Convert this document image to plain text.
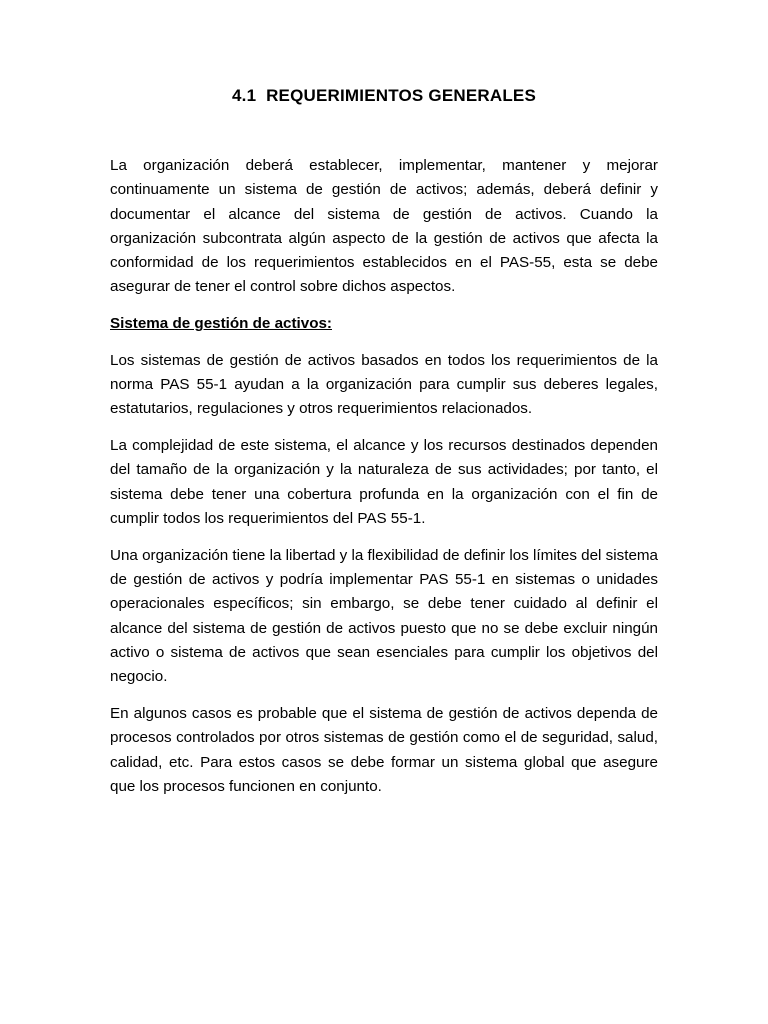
4.1  REQUERIMIENTOS GENERALES

La organización deberá establecer, implementar, mantener y mejorar continuamente un sistema de gestión de activos; además, deberá definir y documentar el alcance del sistema de gestión de activos. Cuando la organización subcontrata algún aspecto de la gestión de activos que afecta la conformidad de los requerimientos establecidos en el PAS-55, esta se debe asegurar de tener el control sobre dichos aspectos.

Sistema de gestión de activos:

Los sistemas de gestión de activos basados en todos los requerimientos de la norma PAS 55-1 ayudan a la organización para cumplir sus deberes legales, estatutarios, regulaciones y otros requerimientos relacionados.

La complejidad de este sistema, el alcance y los recursos destinados dependen del tamaño de la organización y la naturaleza de sus actividades; por tanto, el sistema debe tener una cobertura profunda en la organización con el fin de cumplir todos los requerimientos del PAS 55-1.

Una organización tiene la libertad y la flexibilidad de definir los límites del sistema de gestión de activos y podría implementar PAS 55-1 en sistemas o unidades operacionales específicos; sin embargo, se debe tener cuidado al definir el alcance del sistema de gestión de activos puesto que no se debe excluir ningún activo o sistema de activos que sean esenciales para cumplir los objetivos del negocio.

En algunos casos es probable que el sistema de gestión de activos dependa de procesos controlados por otros sistemas de gestión como el de seguridad, salud, calidad, etc. Para estos casos se debe formar un sistema global que asegure que los procesos funcionen en conjunto.
